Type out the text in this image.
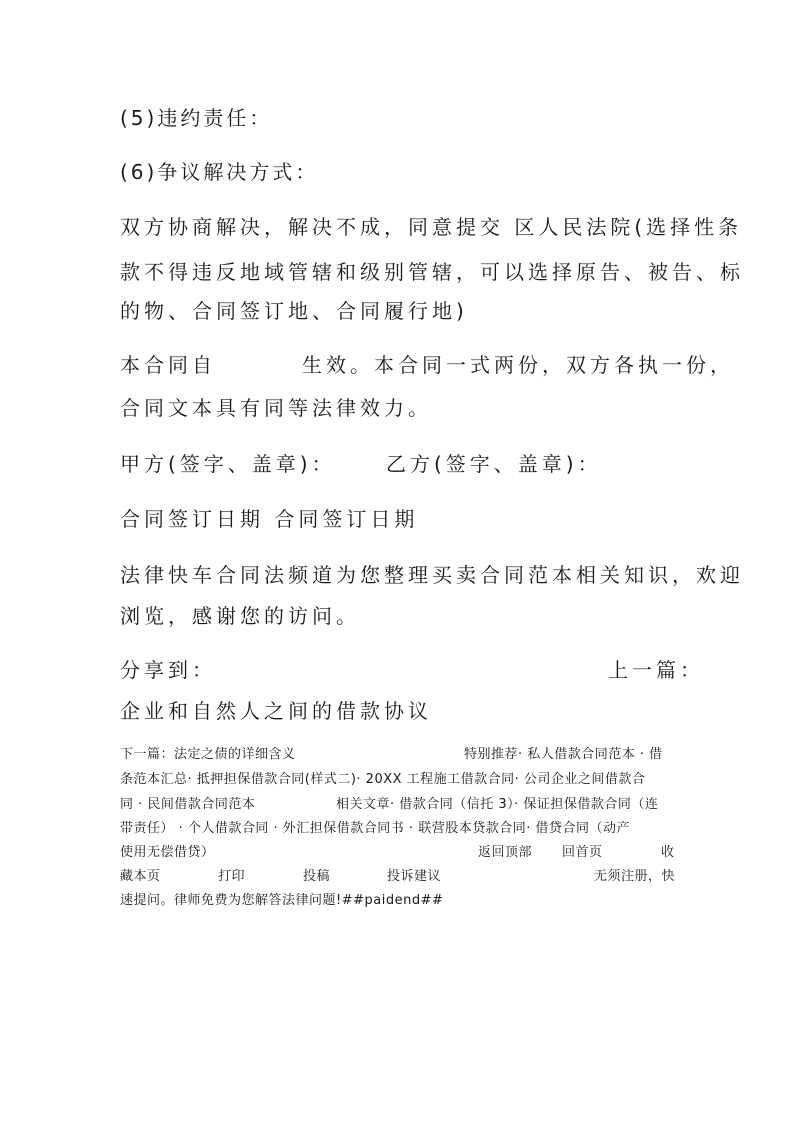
(5)违约责任：
(6)争议解决方式：
双方协商解决，解决不成，同意提交 区人民法院(选择性条
款不得违反地域管辖和级别管辖，可以选择原告、被告、标
的物、合同签订地、合同履行地)
本合同自	生效。本合同一式两份，双方各执一份，
合同文本具有同等法律效力。
甲方(签字、盖章)：	乙方(签字、盖章)：
合同签订日期 合同签订日期
法律快车合同法频道为您整理买卖合同范本相关知识，欢迎
浏览，感谢您的访问。
分享到：	上一篇：
企业和自然人之间的借款协议
下一篇：法定之债的详细含义	特别推荐· 私人借款合同范本 · 借
条范本汇总· 抵押担保借款合同(样式二)· 20XX 工程施工借款合同· 公司企业之间借款合
同 · 民间借款合同范本	相关文章· 借款合同（信托 3）· 保证担保借款合同（连
带责任） · 个人借款合同 · 外汇担保借款合同书 · 联营股本贷款合同· 借贷合同（动产
使用无偿借贷）	返回顶部 回首页	收
藏本页	打印	投稿	投诉建议	无须注册，快
速提问。律师免费为您解答法律问题!##paidend##
